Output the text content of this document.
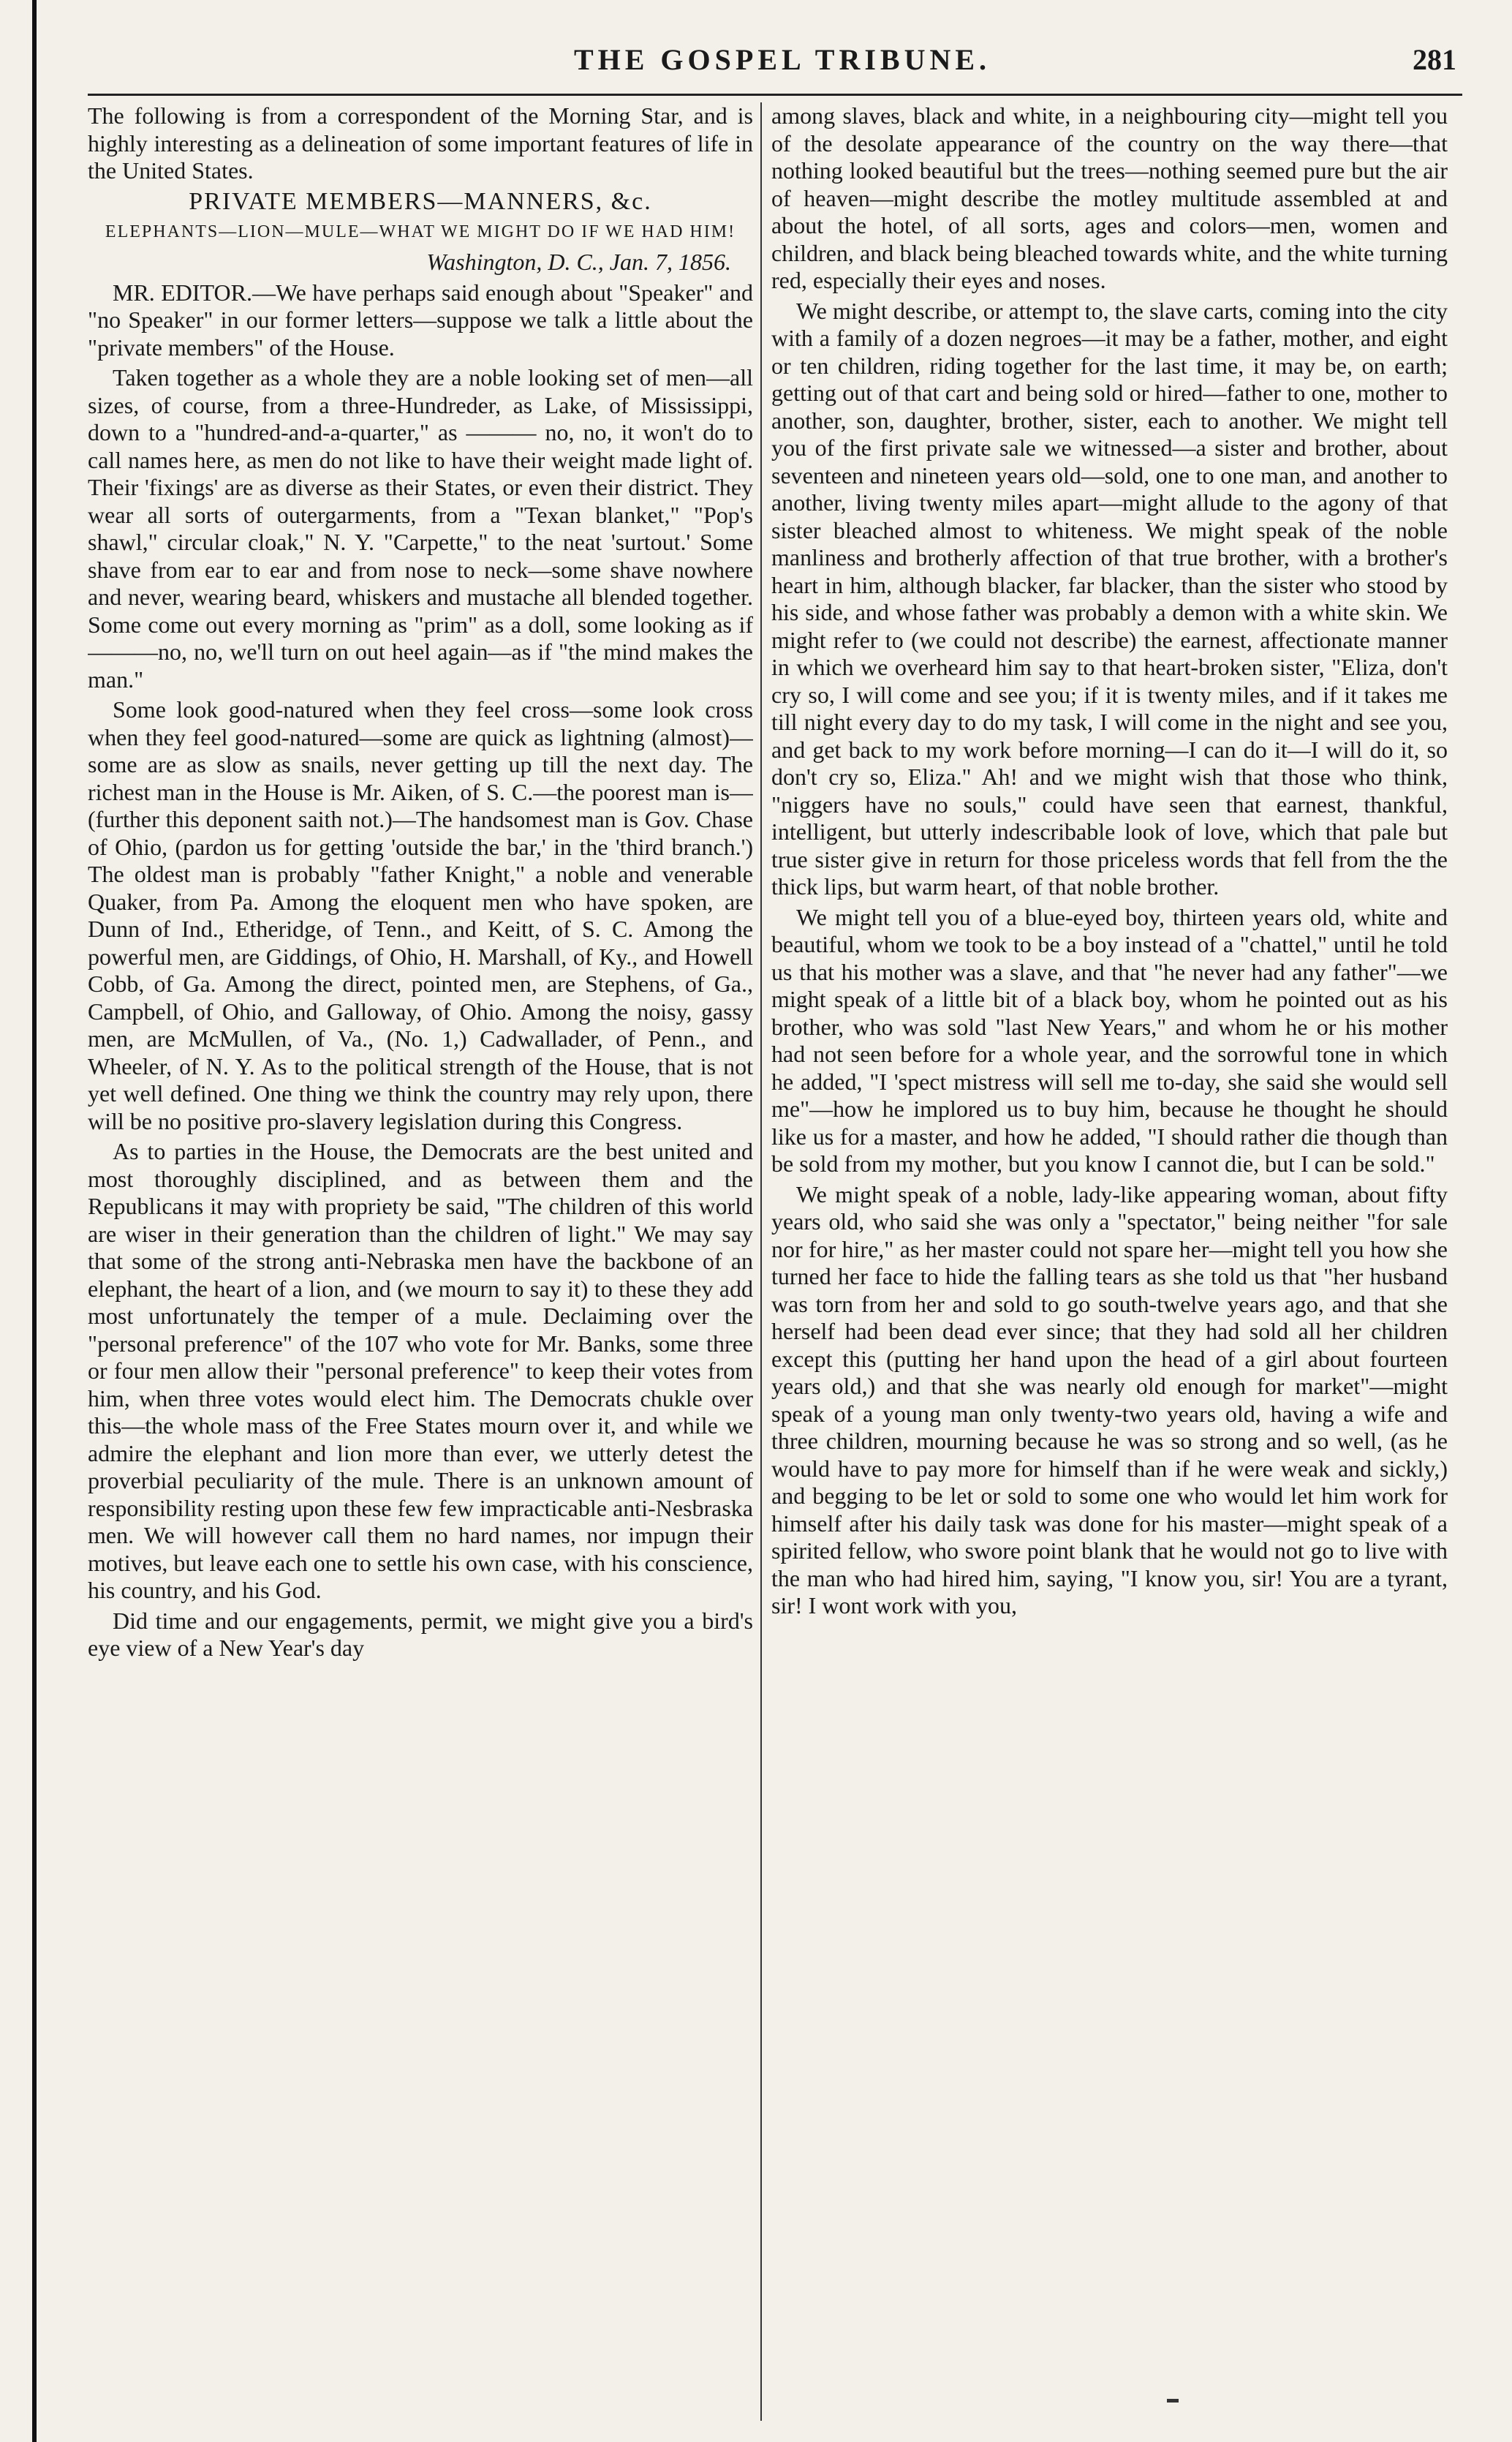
THE GOSPEL TRIBUNE.	281

The following is from a correspondent of the Morning Star, and is highly interesting as a delineation of some important features of life in the United States.

PRIVATE MEMBERS—MANNERS, &c.

ELEPHANTS—LION—MULE—WHAT WE MIGHT DO IF WE HAD HIM!

Washington, D. C., Jan. 7, 1856.

MR. EDITOR.—We have perhaps said enough about "Speaker" and "no Speaker" in our former letters—suppose we talk a little about the "private members" of the House.

Taken together as a whole they are a noble looking set of men—all sizes, of course, from a three-Hundreder, as Lake, of Mississippi, down to a "hundred-and-a-quarter," as ——— no, no, it won't do to call names here, as men do not like to have their weight made light of. Their 'fixings' are as diverse as their States, or even their district. They wear all sorts of outergarments, from a "Texan blanket," "Pop's shawl," circular cloak," N. Y. "Carpette," to the neat 'surtout.' Some shave from ear to ear and from nose to neck—some shave nowhere and never, wearing beard, whiskers and mustache all blended together. Some come out every morning as "prim" as a doll, some looking as if ———no, no, we'll turn on out heel again—as if "the mind makes the man."

Some look good-natured when they feel cross—some look cross when they feel good-natured—some are quick as lightning (almost)—some are as slow as snails, never getting up till the next day. The richest man in the House is Mr. Aiken, of S. C.—the poorest man is—(further this deponent saith not.)—The handsomest man is Gov. Chase of Ohio, (pardon us for getting 'outside the bar,' in the 'third branch.') The oldest man is probably "father Knight," a noble and venerable Quaker, from Pa. Among the eloquent men who have spoken, are Dunn of Ind., Etheridge, of Tenn., and Keitt, of S. C. Among the powerful men, are Giddings, of Ohio, H. Marshall, of Ky., and Howell Cobb, of Ga. Among the direct, pointed men, are Stephens, of Ga., Campbell, of Ohio, and Galloway, of Ohio. Among the noisy, gassy men, are McMullen, of Va., (No. 1,) Cadwallader, of Penn., and Wheeler, of N. Y. As to the political strength of the House, that is not yet well defined. One thing we think the country may rely upon, there will be no positive pro-slavery legislation during this Congress.

As to parties in the House, the Democrats are the best united and most thoroughly disciplined, and as between them and the Republicans it may with propriety be said, "The children of this world are wiser in their generation than the children of light." We may say that some of the strong anti-Nebraska men have the backbone of an elephant, the heart of a lion, and (we mourn to say it) to these they add most unfortunately the temper of a mule. Declaiming over the "personal preference" of the 107 who vote for Mr. Banks, some three or four men allow their "personal preference" to keep their votes from him, when three votes would elect him. The Democrats chukle over this—the whole mass of the Free States mourn over it, and while we admire the elephant and lion more than ever, we utterly detest the proverbial peculiarity of the mule. There is an unknown amount of responsibility resting upon these few few impracticable anti-Nesbraska men. We will however call them no hard names, nor impugn their motives, but leave each one to settle his own case, with his conscience, his country, and his God.

Did time and our engagements, permit, we might give you a bird's eye view of a New Year's day

among slaves, black and white, in a neighbouring city—might tell you of the desolate appearance of the country on the way there—that nothing looked beautiful but the trees—nothing seemed pure but the air of heaven—might describe the motley multitude assembled at and about the hotel, of all sorts, ages and colors—men, women and children, and black being bleached towards white, and the white turning red, especially their eyes and noses.

We might describe, or attempt to, the slave carts, coming into the city with a family of a dozen negroes—it may be a father, mother, and eight or ten children, riding together for the last time, it may be, on earth; getting out of that cart and being sold or hired—father to one, mother to another, son, daughter, brother, sister, each to another. We might tell you of the first private sale we witnessed—a sister and brother, about seventeen and nineteen years old—sold, one to one man, and another to another, living twenty miles apart—might allude to the agony of that sister bleached almost to whiteness. We might speak of the noble manliness and brotherly affection of that true brother, with a brother's heart in him, although blacker, far blacker, than the sister who stood by his side, and whose father was probably a demon with a white skin. We might refer to (we could not describe) the earnest, affectionate manner in which we overheard him say to that heart-broken sister, "Eliza, don't cry so, I will come and see you; if it is twenty miles, and if it takes me till night every day to do my task, I will come in the night and see you, and get back to my work before morning—I can do it—I will do it, so don't cry so, Eliza." Ah! and we might wish that those who think, "niggers have no souls," could have seen that earnest, thankful, intelligent, but utterly indescribable look of love, which that pale but true sister give in return for those priceless words that fell from the the thick lips, but warm heart, of that noble brother.

We might tell you of a blue-eyed boy, thirteen years old, white and beautiful, whom we took to be a boy instead of a "chattel," until he told us that his mother was a slave, and that "he never had any father"—we might speak of a little bit of a black boy, whom he pointed out as his brother, who was sold "last New Years," and whom he or his mother had not seen before for a whole year, and the sorrowful tone in which he added, "I 'spect mistress will sell me to-day, she said she would sell me"—how he implored us to buy him, because he thought he should like us for a master, and how he added, "I should rather die though than be sold from my mother, but you know I cannot die, but I can be sold."

We might speak of a noble, lady-like appearing woman, about fifty years old, who said she was only a "spectator," being neither "for sale nor for hire," as her master could not spare her—might tell you how she turned her face to hide the falling tears as she told us that "her husband was torn from her and sold to go south-twelve years ago, and that she herself had been dead ever since; that they had sold all her children except this (putting her hand upon the head of a girl about fourteen years old,) and that she was nearly old enough for market"—might speak of a young man only twenty-two years old, having a wife and three children, mourning because he was so strong and so well, (as he would have to pay more for himself than if he were weak and sickly,) and begging to be let or sold to some one who would let him work for himself after his daily task was done for his master—might speak of a spirited fellow, who swore point blank that he would not go to live with the man who had hired him, saying, "I know you, sir! You are a tyrant, sir! I wont work with you,
